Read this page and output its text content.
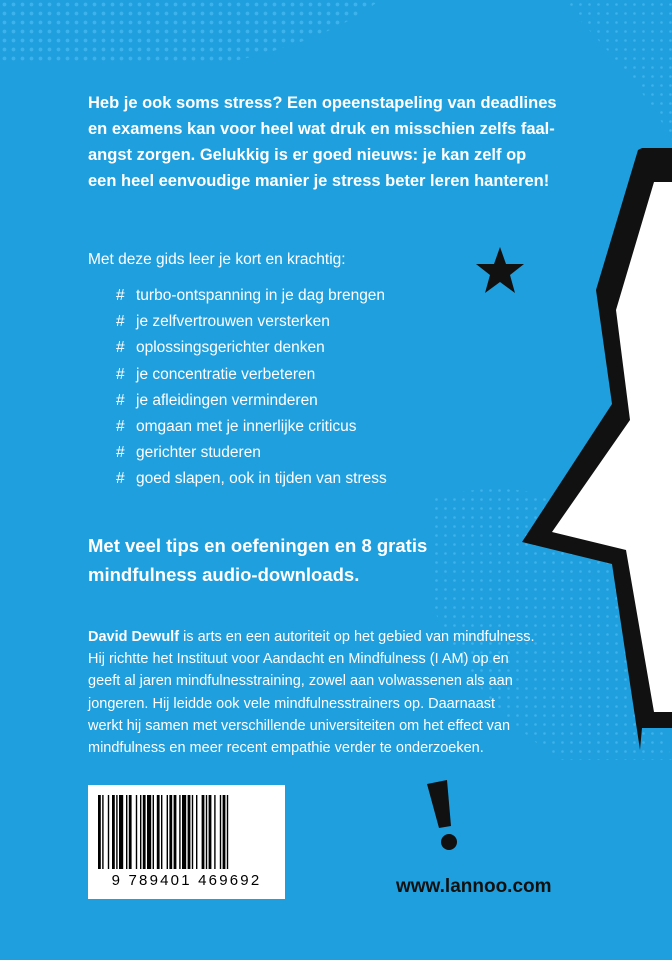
Heb je ook soms stress? Een opeenstapeling van deadlines
en examens kan voor heel wat druk en misschien zelfs faal-
angst zorgen. Gelukkig is er goed nieuws: je kan zelf op
een heel eenvoudige manier je stress beter leren hanteren!

Met deze gids leer je kort en krachtig:

# turbo-ontspanning in je dag brengen
# je zelfvertrouwen versterken
# oplossingsgerichter denken
# je concentratie verbeteren
# je afleidingen verminderen
# omgaan met je innerlijke criticus
# gerichter studeren
# goed slapen, ook in tijden van stress
Met veel tips en oefeningen en 8 gratis
mindfulness audio-downloads.
David Dewulf is arts en een autoriteit op het gebied van mindfulness.
Hij richtte het Instituut voor Aandacht en Mindfulness (I AM) op en
geeft al jaren mindfulnesstraining, zowel aan volwassenen als aan
jongeren. Hij leidde ook vele mindfulnesstrainers op. Daarnaast
werkt hij samen met verschillende universiteiten om het effect van
mindfulness en meer recent empathie verder te onderzoeken.
9 789401 469692	www.lannoo.com
